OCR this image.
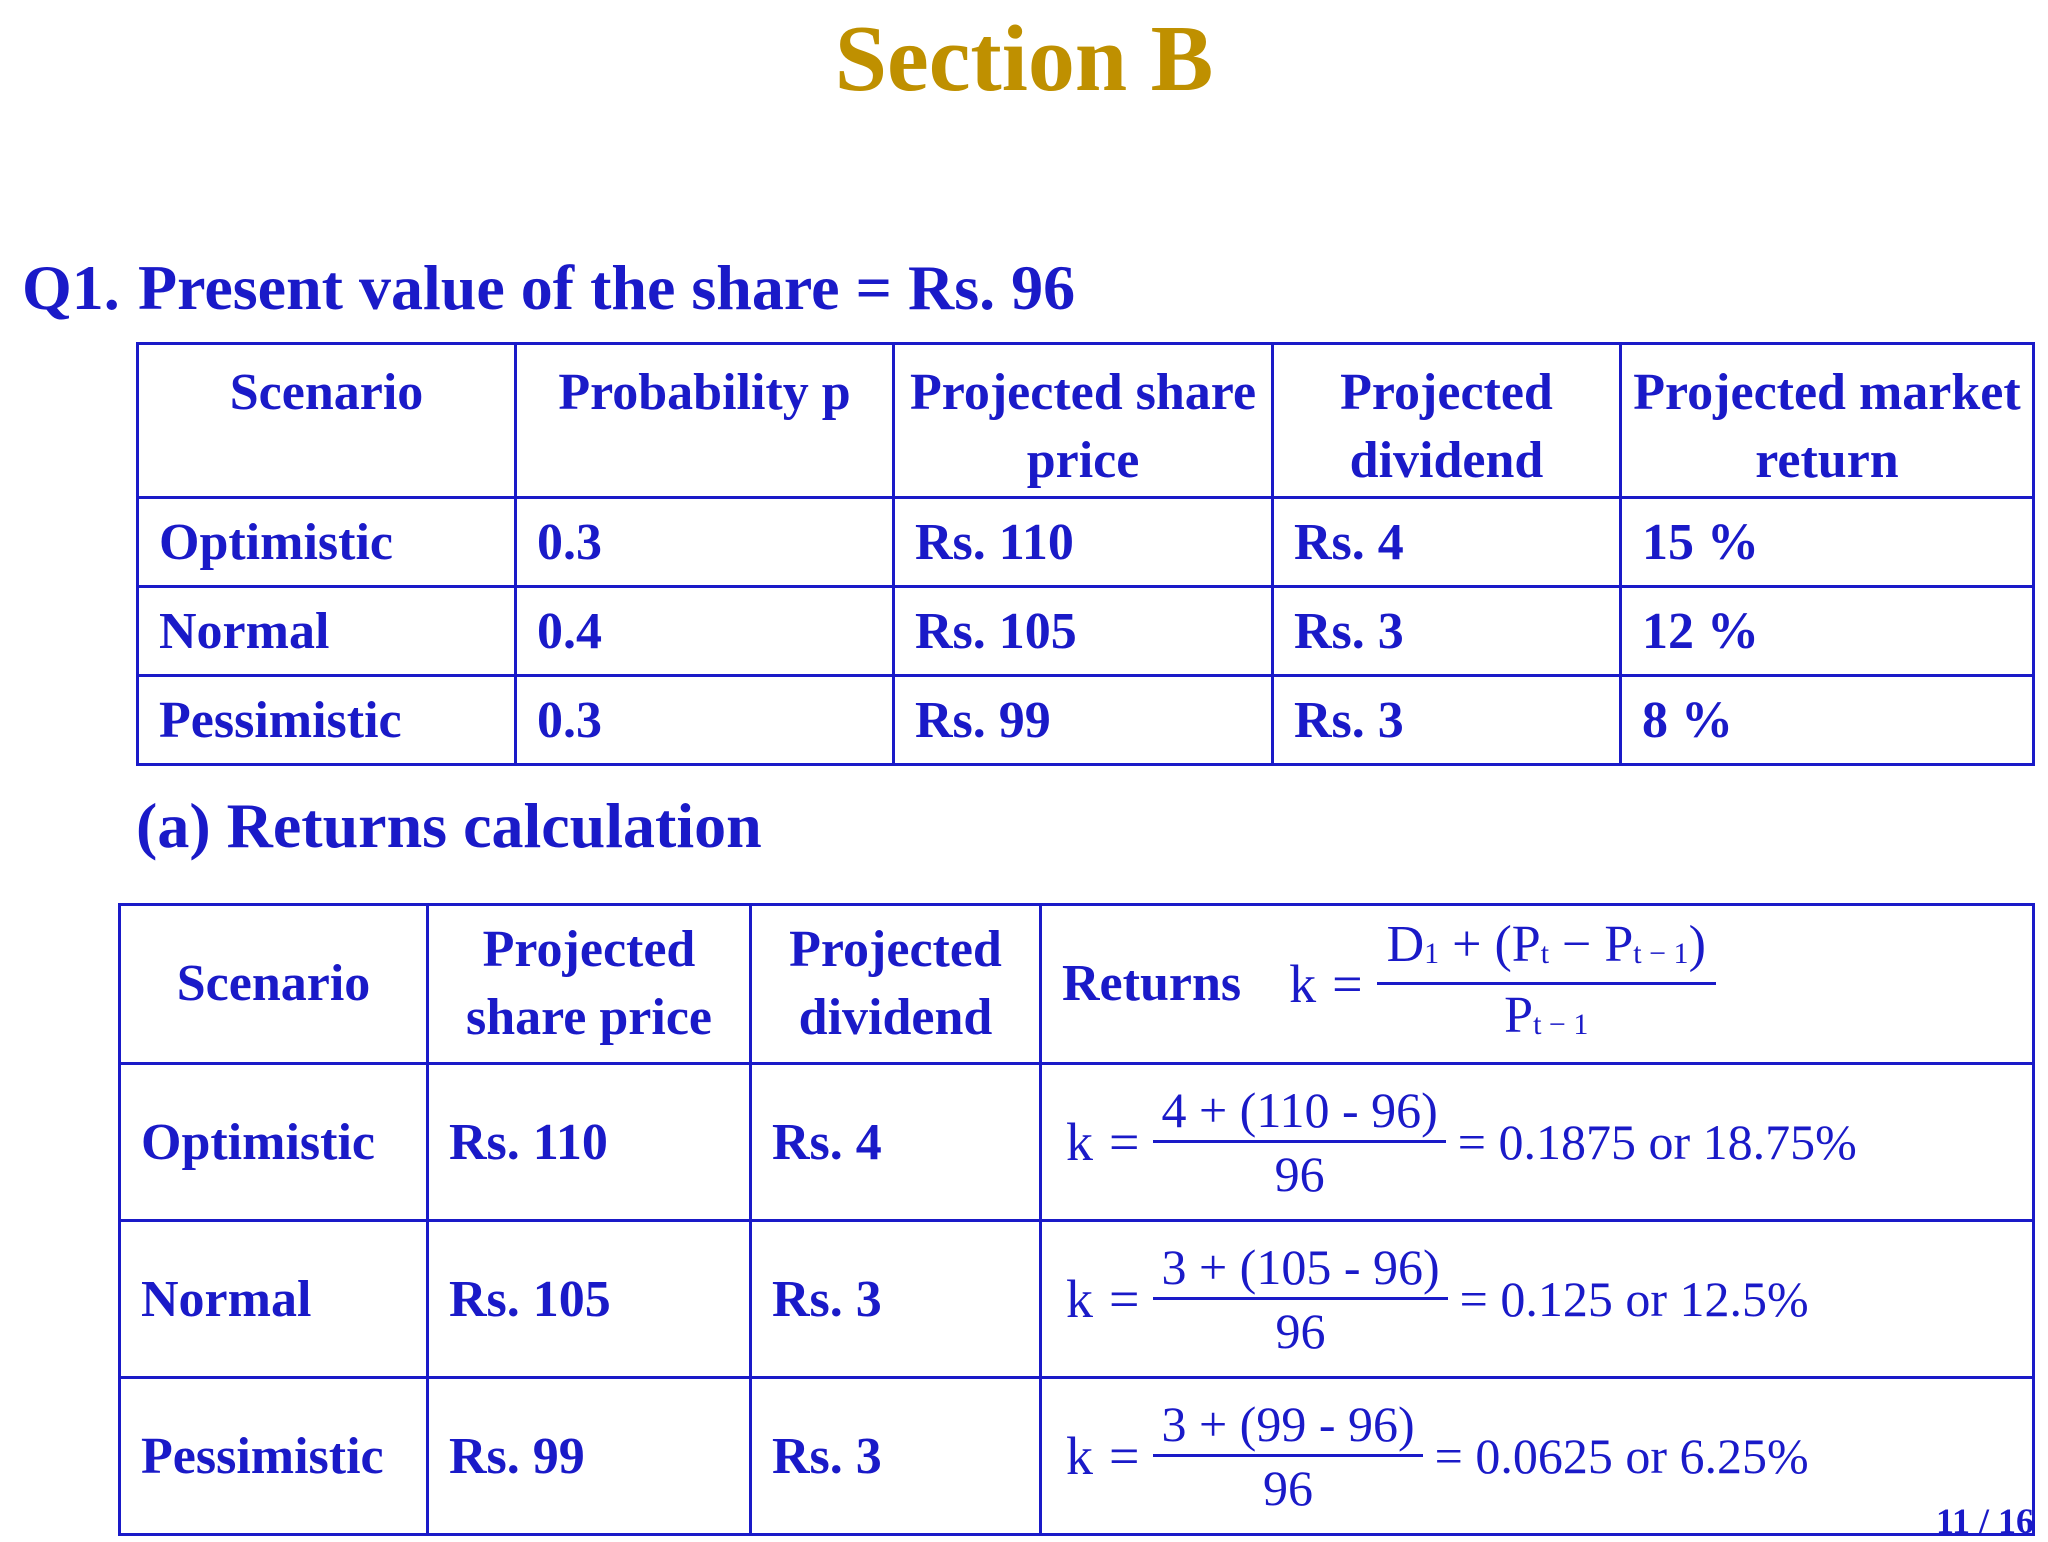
Section B
Q1. Present value of the share = Rs. 96
Scenario	Probability p	Projected share price	Projected dividend	Projected market return
Optimistic	0.3	Rs. 110	Rs. 4	15 %
Normal	0.4	Rs. 105	Rs. 3	12 %
Pessimistic	0.3	Rs. 99	Rs. 3	8 %
(a) Returns calculation
Scenario	Projected share price	Projected dividend	Returns $k = \frac{D_1 + (P_t - P_{t - 1})}{P_{t - 1}}$

Optimistic	Rs. 110	Rs. 4	$k = \frac{4 + (110 - 96)}{96} = 0.1875$ or 18.75%

Normal	Rs. 105	Rs. 3	$k = \frac{3 + (105 - 96)}{96} = 0.125$ or 12.5%

Pessimistic	Rs. 99	Rs. 3	$k = \frac{3 + (99 - 96)}{96} = 0.0625$ or 6.25%

11 / 16
